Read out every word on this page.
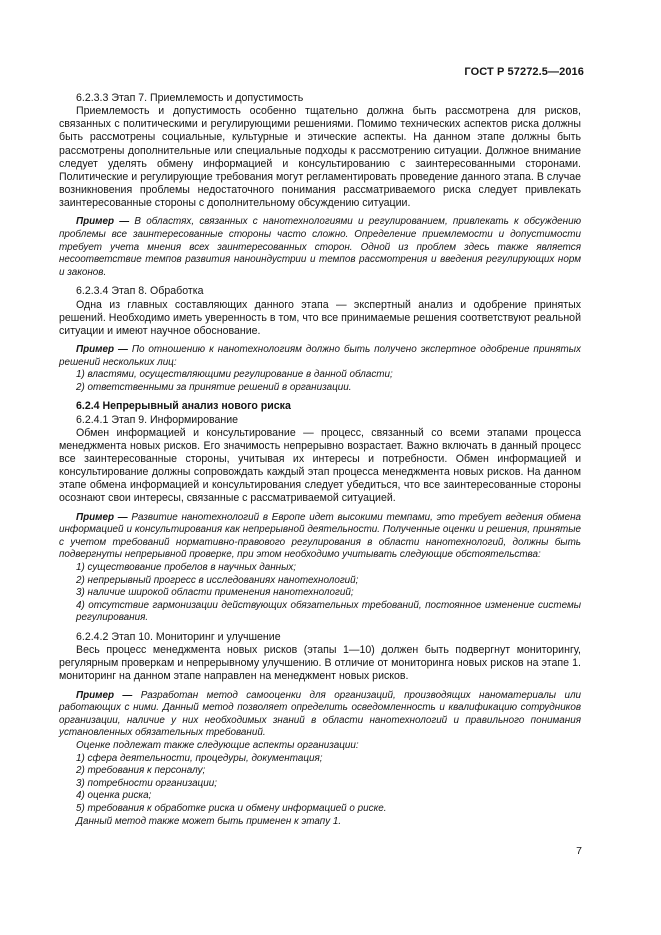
ГОСТ Р 57272.5—2016

6.2.3.3 Этап 7. Приемлемость и допустимость

Приемлемость и допустимость особенно тщательно должна быть рассмотрена для рисков, связанных с политическими и регулирующими решениями. Помимо технических аспектов риска должны быть рассмотрены социальные, культурные и этические аспекты. На данном этапе должны быть рассмотрены дополнительные или специальные подходы к рассмотрению ситуации. Должное внимание следует уделять обмену информацией и консультированию с заинтересованными сторонами. Политические и регулирующие требования могут регламентировать проведение данного этапа. В случае возникновения проблемы недостаточного понимания рассматриваемого риска следует привлекать заинтересованные стороны с дополнительному обсуждению ситуации.

Пример — В областях, связанных с нанотехнологиями и регулированием, привлекать к обсуждению проблемы все заинтересованные стороны часто сложно. Определение приемлемости и допустимости требует учета мнения всех заинтересованных сторон. Одной из проблем здесь также является несоответствие темпов развития наноиндустрии и темпов рассмотрения и введения регулирующих норм и законов.

6.2.3.4 Этап 8. Обработка

Одна из главных составляющих данного этапа — экспертный анализ и одобрение принятых решений. Необходимо иметь уверенность в том, что все принимаемые решения соответствуют реальной ситуации и имеют научное обоснование.

Пример — По отношению к нанотехнологиям должно быть получено экспертное одобрение принятых решений нескольких лиц:

1) властями, осуществляющими регулирование в данной области;

2) ответственными за принятие решений в организации.

6.2.4 Непрерывный анализ нового риска

6.2.4.1 Этап 9. Информирование

Обмен информацией и консультирование — процесс, связанный со всеми этапами процесса менеджмента новых рисков. Его значимость непрерывно возрастает. Важно включать в данный процесс все заинтересованные стороны, учитывая их интересы и потребности. Обмен информацией и консультирование должны сопровождать каждый этап процесса менеджмента новых рисков. На данном этапе обмена информацией и консультирования следует убедиться, что все заинтересованные стороны осознают свои интересы, связанные с рассматриваемой ситуацией.

Пример — Развитие нанотехнологий в Европе идет высокими темпами, это требует ведения обмена информацией и консультирования как непрерывной деятельности. Полученные оценки и решения, принятые с учетом требований нормативно-правового регулирования в области нанотехнологий, должны быть подвергнуты непрерывной проверке, при этом необходимо учитывать следующие обстоятельства:

1) существование пробелов в научных данных;

2) непрерывный прогресс в исследованиях нанотехнологий;

3) наличие широкой области применения нанотехнологий;

4) отсутствие гармонизации действующих обязательных требований, постоянное изменение системы регулирования.

6.2.4.2 Этап 10. Мониторинг и улучшение

Весь процесс менеджмента новых рисков (этапы 1—10) должен быть подвергнут мониторингу, регулярным проверкам и непрерывному улучшению. В отличие от мониторинга новых рисков на этапе 1. мониторинг на данном этапе направлен на менеджмент новых рисков.

Пример — Разработан метод самооценки для организаций, производящих наноматериалы или работающих с ними. Данный метод позволяет определить осведомленность и квалификацию сотрудников организации, наличие у них необходимых знаний в области нанотехнологий и правильного понимания установленных обязательных требований.

Оценке подлежат также следующие аспекты организации:

1) сфера деятельности, процедуры, документация;

2) требования к персоналу;

3) потребности организации;

4) оценка риска;

5) требования к обработке риска и обмену информацией о риске.

Данный метод также может быть применен к этапу 1.

7
